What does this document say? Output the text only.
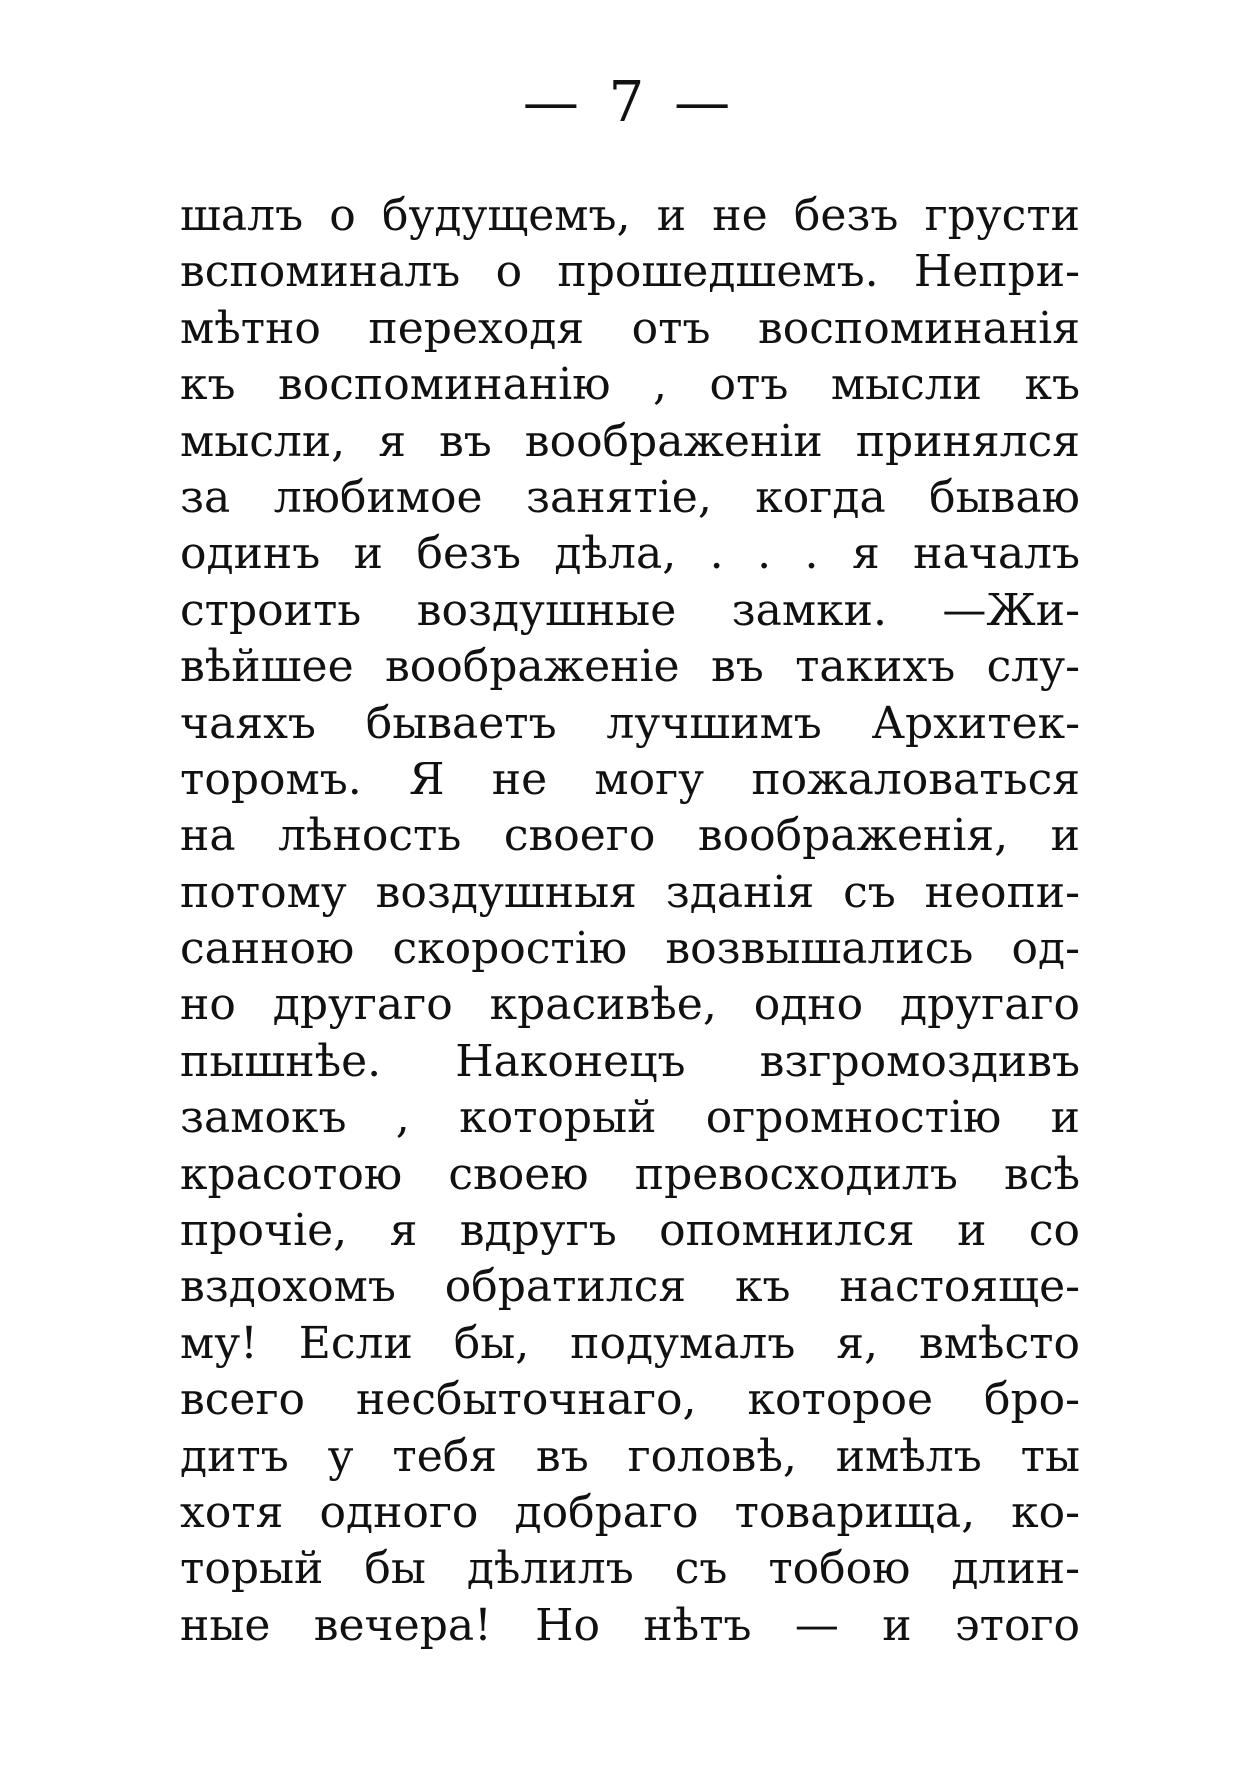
— 7 —
шалъ о будущемъ, и не безъ грусти
вспоминалъ о прошедшемъ. Непри-
мѣтно переходя отъ воспоминанія
къ воспоминанію , отъ мысли къ
мысли, я въ воображеніи принялся
за любимое занятіе, когда бываю
одинъ и безъ дѣла, . . . я началъ
строить воздушные замки. —Жи-
вѣйшее воображеніе въ такихъ слу-
чаяхъ бываетъ лучшимъ Архитек-
торомъ. Я не могу пожаловаться
на лѣность своего воображенія, и
потому воздушныя зданія съ неопи-
санною скоростію возвышались од-
но другаго красивѣе, одно другаго
пышнѣе. Наконецъ взгромоздивъ
замокъ , который огромностію и
красотою своею превосходилъ всѣ
прочіе, я вдругъ опомнился и со
вздохомъ обратился къ настояще-
му! Если бы, подумалъ я, вмѣсто
всего несбыточнаго, которое бро-
дитъ у тебя въ головѣ, имѣлъ ты
хотя одного добраго товарища, ко-
торый бы дѣлилъ съ тобою длин-
ные вечера! Но нѣтъ — и этого
